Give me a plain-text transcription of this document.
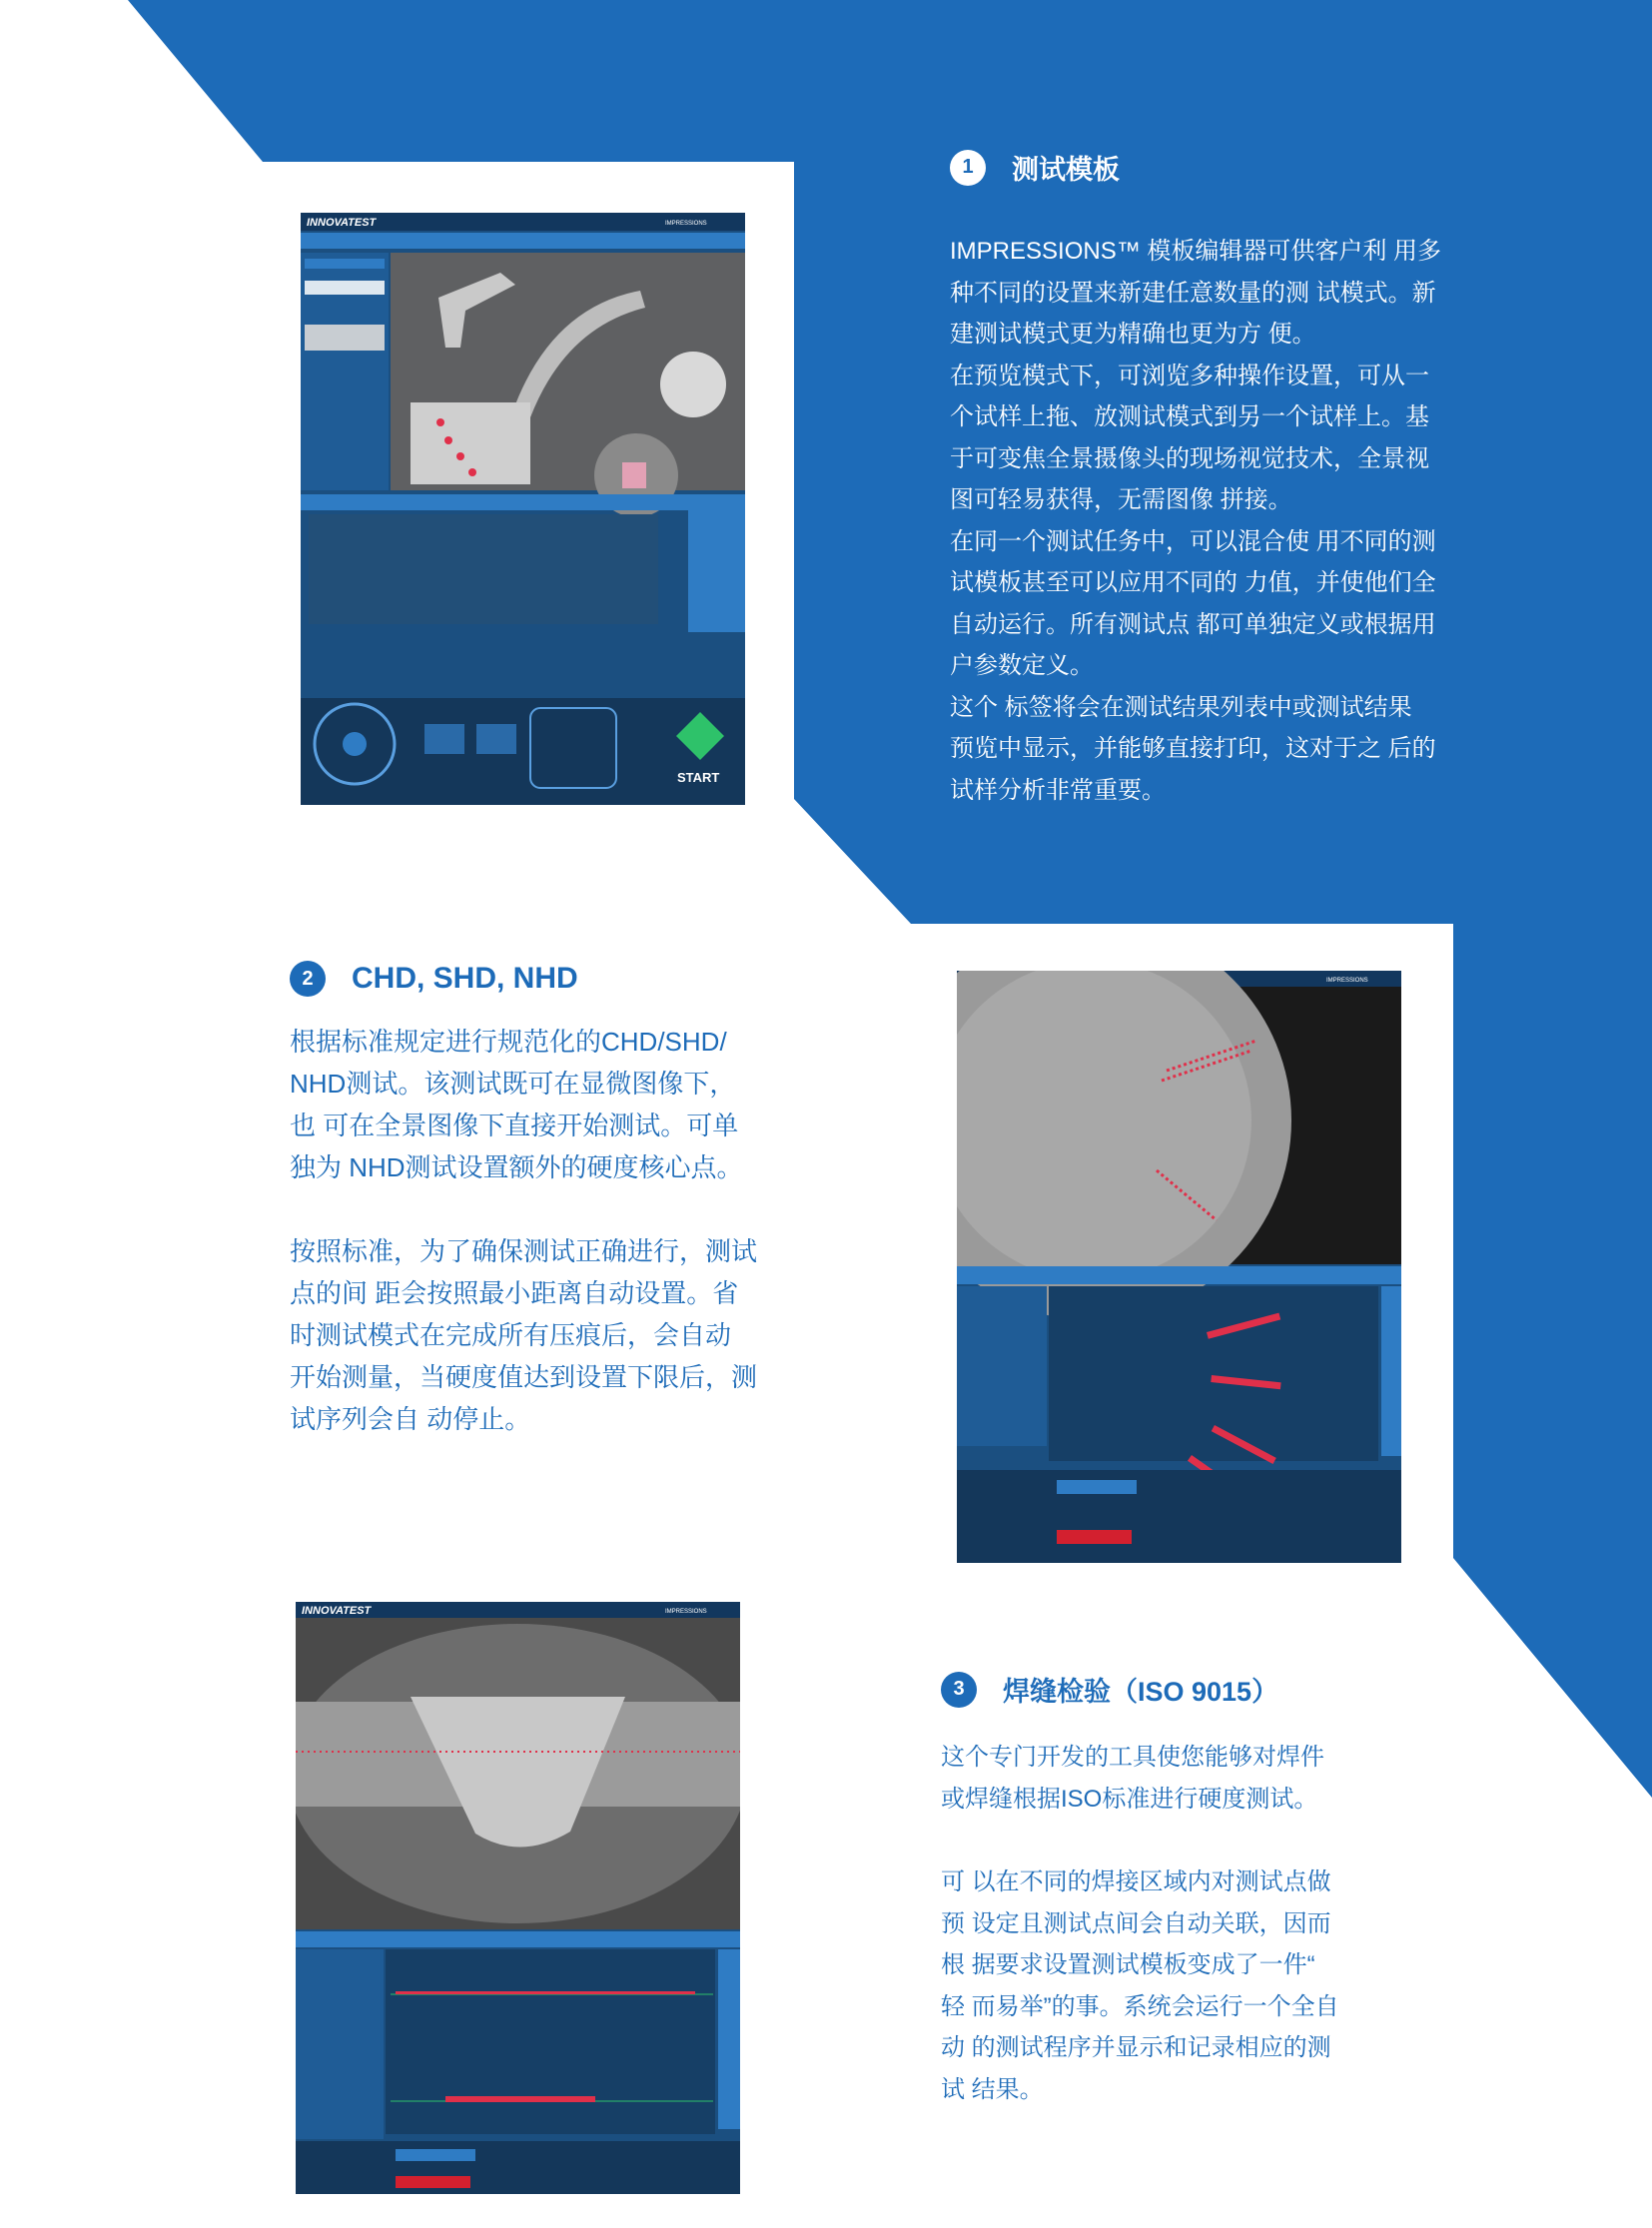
1	测试模板

IMPRESSIONS™ 模板编辑器可供客户利 用多
种不同的设置来新建任意数量的测 试模式。新
建测试模式更为精确也更为方 便。
在预览模式下，可浏览多种操作设置，可从一
个试样上拖、放测试模式到另一个试样上。基
于可变焦全景摄像头的现场视觉技术，全景视
图可轻易获得，无需图像 拼接。
在同一个测试任务中，可以混合使 用不同的测
试模板甚至可以应用不同的 力值，并使他们全
自动运行。所有测试点 都可单独定义或根据用
户参数定义。
这个 标签将会在测试结果列表中或测试结果
预览中显示，并能够直接打印，这对于之 后的
试样分析非常重要。

2	CHD, SHD, NHD

根据标准规定进行规范化的CHD/SHD/
NHD测试。该测试既可在显微图像下，
也 可在全景图像下直接开始测试。可单
独为 NHD测试设置额外的硬度核心点。

按照标准，为了确保测试正确进行，测试
点的间 距会按照最小距离自动设置。省
时测试模式在完成所有压痕后，会自动
开始测量，当硬度值达到设置下限后，测
试序列会自 动停止。

3	焊缝检验（ISO 9015）

这个专门开发的工具使您能够对焊件
或焊缝根据ISO标准进行硬度测试。

可 以在不同的焊接区域内对测试点做
预 设定且测试点间会自动关联，因而
根 据要求设置测试模板变成了一件“
轻 而易举”的事。系统会运行一个全自
动 的测试程序并显示和记录相应的测
试 结果。

INNOVATEST	IMPRESSIONS
START
IMPRESSIONS
INNOVATEST	IMPRESSIONS
